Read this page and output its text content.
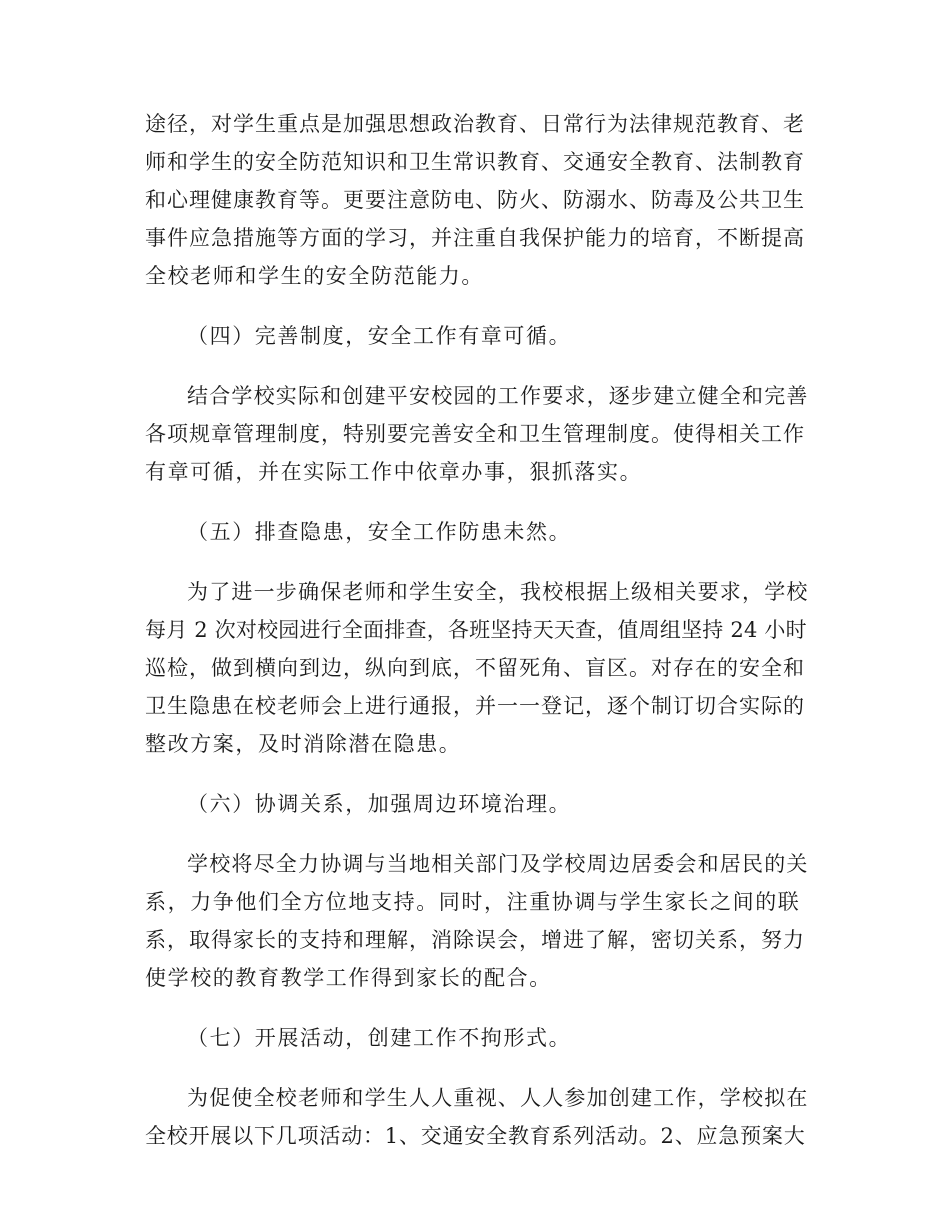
途径，对学生重点是加强思想政治教育、日常行为法律规范教育、老
师和学生的安全防范知识和卫生常识教育、交通安全教育、法制教育
和心理健康教育等。更要注意防电、防火、防溺水、防毒及公共卫生
事件应急措施等方面的学习，并注重自我保护能力的培育，不断提高
全校老师和学生的安全防范能力。

（四）完善制度，安全工作有章可循。

结合学校实际和创建平安校园的工作要求，逐步建立健全和完善
各项规章管理制度，特别要完善安全和卫生管理制度。使得相关工作
有章可循，并在实际工作中依章办事，狠抓落实。

（五）排查隐患，安全工作防患未然。

为了进一步确保老师和学生安全，我校根据上级相关要求，学校
每月 2 次对校园进行全面排查，各班坚持天天查，值周组坚持 24 小时
巡检，做到横向到边，纵向到底，不留死角、盲区。对存在的安全和
卫生隐患在校老师会上进行通报，并一一登记，逐个制订切合实际的
整改方案，及时消除潜在隐患。

（六）协调关系，加强周边环境治理。

学校将尽全力协调与当地相关部门及学校周边居委会和居民的关
系，力争他们全方位地支持。同时，注重协调与学生家长之间的联
系，取得家长的支持和理解，消除误会，增进了解，密切关系，努力
使学校的教育教学工作得到家长的配合。

（七）开展活动，创建工作不拘形式。

为促使全校老师和学生人人重视、人人参加创建工作，学校拟在
全校开展以下几项活动：1、交通安全教育系列活动。2、应急预案大
